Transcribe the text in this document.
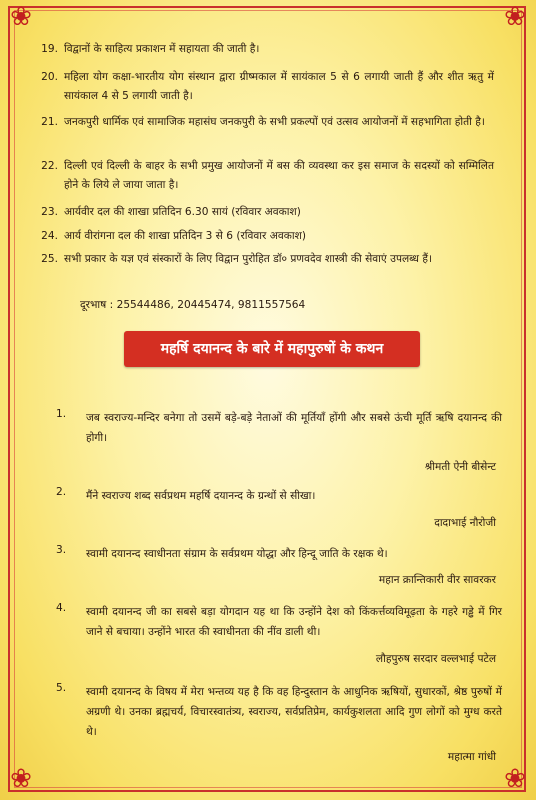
❀	❀
❀	❀
19. विद्वानों के साहित्य प्रकाशन में सहायता की जाती है।
20. महिला योग कक्षा-भारतीय योग संस्थान द्वारा ग्रीष्मकाल में सायंकाल 5 से 6 लगायी जाती हैं और शीत ऋतु में सायंकाल 4 से 5 लगायी जाती है।
21. जनकपुरी धार्मिक एवं सामाजिक महासंघ जनकपुरी के सभी प्रकल्पों एवं उत्सव आयोजनों में सहभागिता होती है।
22. दिल्ली एवं दिल्ली के बाहर के सभी प्रमुख आयोजनों में बस की व्यवस्था कर इस समाज के सदस्यों को सम्मिलित होने के लिये ले जाया जाता है।
23. आर्यवीर दल की शाखा प्रतिदिन 6.30 सायं (रविवार अवकाश)
24. आर्य वीरांगना दल की शाखा प्रतिदिन 3 से 6 (रविवार अवकाश)
25. सभी प्रकार के यज्ञ एवं संस्कारों के लिए विद्वान पुरोहित डॉ० प्रणवदेव शास्त्री की सेवाएं उपलब्ध हैं।
दूरभाष : 25544486, 20445474, 9811557564
महर्षि दयानन्द के बारे में महापुरुषों के कथन
1. जब स्वराज्य-मन्दिर बनेगा तो उसमें बड़े-बड़े नेताओं की मूर्तियाँ होंगी और सबसे ऊंची मूर्ति ऋषि दयानन्द की होगी।
श्रीमती ऐनी बीसेन्ट
2. मैंने स्वराज्य शब्द सर्वप्रथम महर्षि दयानन्द के ग्रन्थों से सीखा।
दादाभाई नौरोजी
3. स्वामी दयानन्द स्वाधीनता संग्राम के सर्वप्रथम योद्धा और हिन्दू जाति के रक्षक थे।
महान क्रान्तिकारी वीर सावरकर
4. स्वामी दयानन्द जी का सबसे बड़ा योगदान यह था कि उन्होंने देश को किंकर्त्तव्यविमूढ़ता के गहरे गड्ढे में गिर जाने से बचाया। उन्होंने भारत की स्वाधीनता की नींव डाली थी।
लौहपुरुष सरदार वल्लभाई पटेल
5. स्वामी दयानन्द के विषय में मेरा भन्तव्य यह है कि वह हिन्दुस्तान के आधुनिक ऋषियों, सुधारकों, श्रेष्ठ पुरुषों में अग्रणी थे। उनका ब्रह्मचर्य, विचारस्वातंत्र्य, स्वराज्य, सर्वप्रतिप्रेम, कार्यकुशलता आदि गुण लोगों को मुग्ध करते थे।
महात्मा गांधी
